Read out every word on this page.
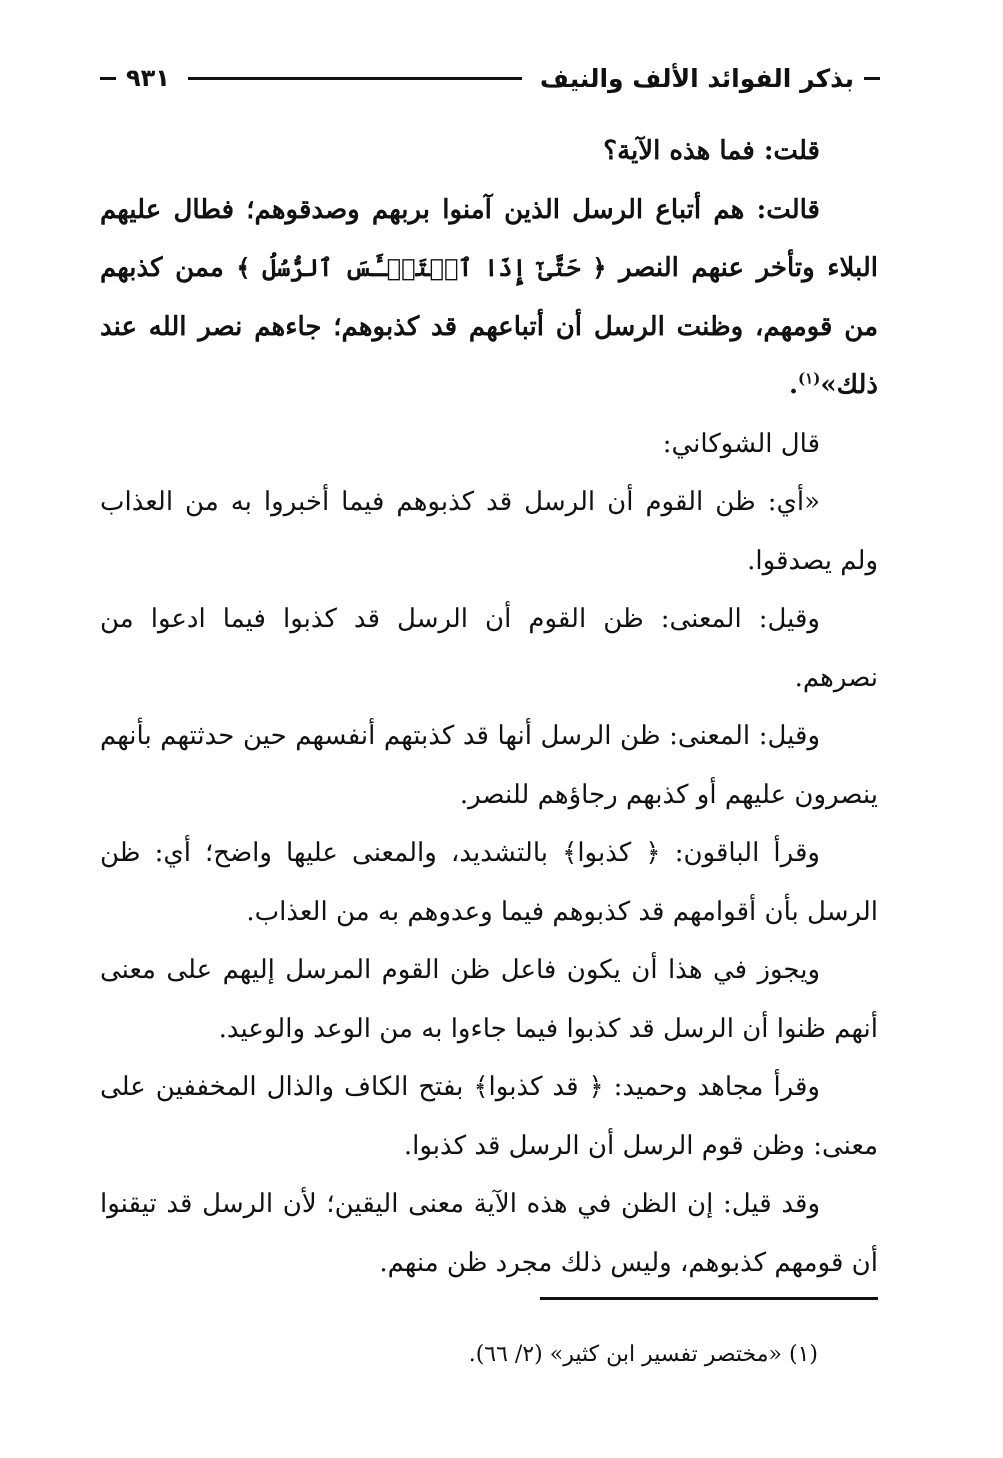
بذكر الفوائد الألف والنيف
٩٣١

قلت: فما هذه الآية؟

قالت: هم أتباع الرسل الذين آمنوا بربهم وصدقوهم؛ فطال عليهم البلاء وتأخر عنهم النصر ﴿ حَتَّىٰٓ إِذَا ٱسۡتَيۡـَٔسَ ٱلرُّسُلُ ﴾ ممن كذبهم من قومهم، وظنت الرسل أن أتباعهم قد كذبوهم؛ جاءهم نصر الله عند ذلك»$^{(١)}$.

قال الشوكاني:

«أي: ظن القوم أن الرسل قد كذبوهم فيما أخبروا به من العذاب ولم يصدقوا.

وقيل: المعنى: ظن القوم أن الرسل قد كذبوا فيما ادعوا من نصرهم.

وقيل: المعنى: ظن الرسل أنها قد كذبتهم أنفسهم حين حدثتهم بأنهم ينصرون عليهم أو كذبهم رجاؤهم للنصر.

وقرأ الباقون: ﴿ كذبوا﴾ بالتشديد، والمعنى عليها واضح؛ أي: ظن الرسل بأن أقوامهم قد كذبوهم فيما وعدوهم به من العذاب.

ويجوز في هذا أن يكون فاعل ظن القوم المرسل إليهم على معنى أنهم ظنوا أن الرسل قد كذبوا فيما جاءوا به من الوعد والوعيد.

وقرأ مجاهد وحميد: ﴿ قد كذبوا﴾ بفتح الكاف والذال المخففين على معنى: وظن قوم الرسل أن الرسل قد كذبوا.

وقد قيل: إن الظن في هذه الآية معنى اليقين؛ لأن الرسل قد تيقنوا أن قومهم كذبوهم، وليس ذلك مجرد ظن منهم.

(١) «مختصر تفسير ابن كثير» (٢/ ٦٦).
